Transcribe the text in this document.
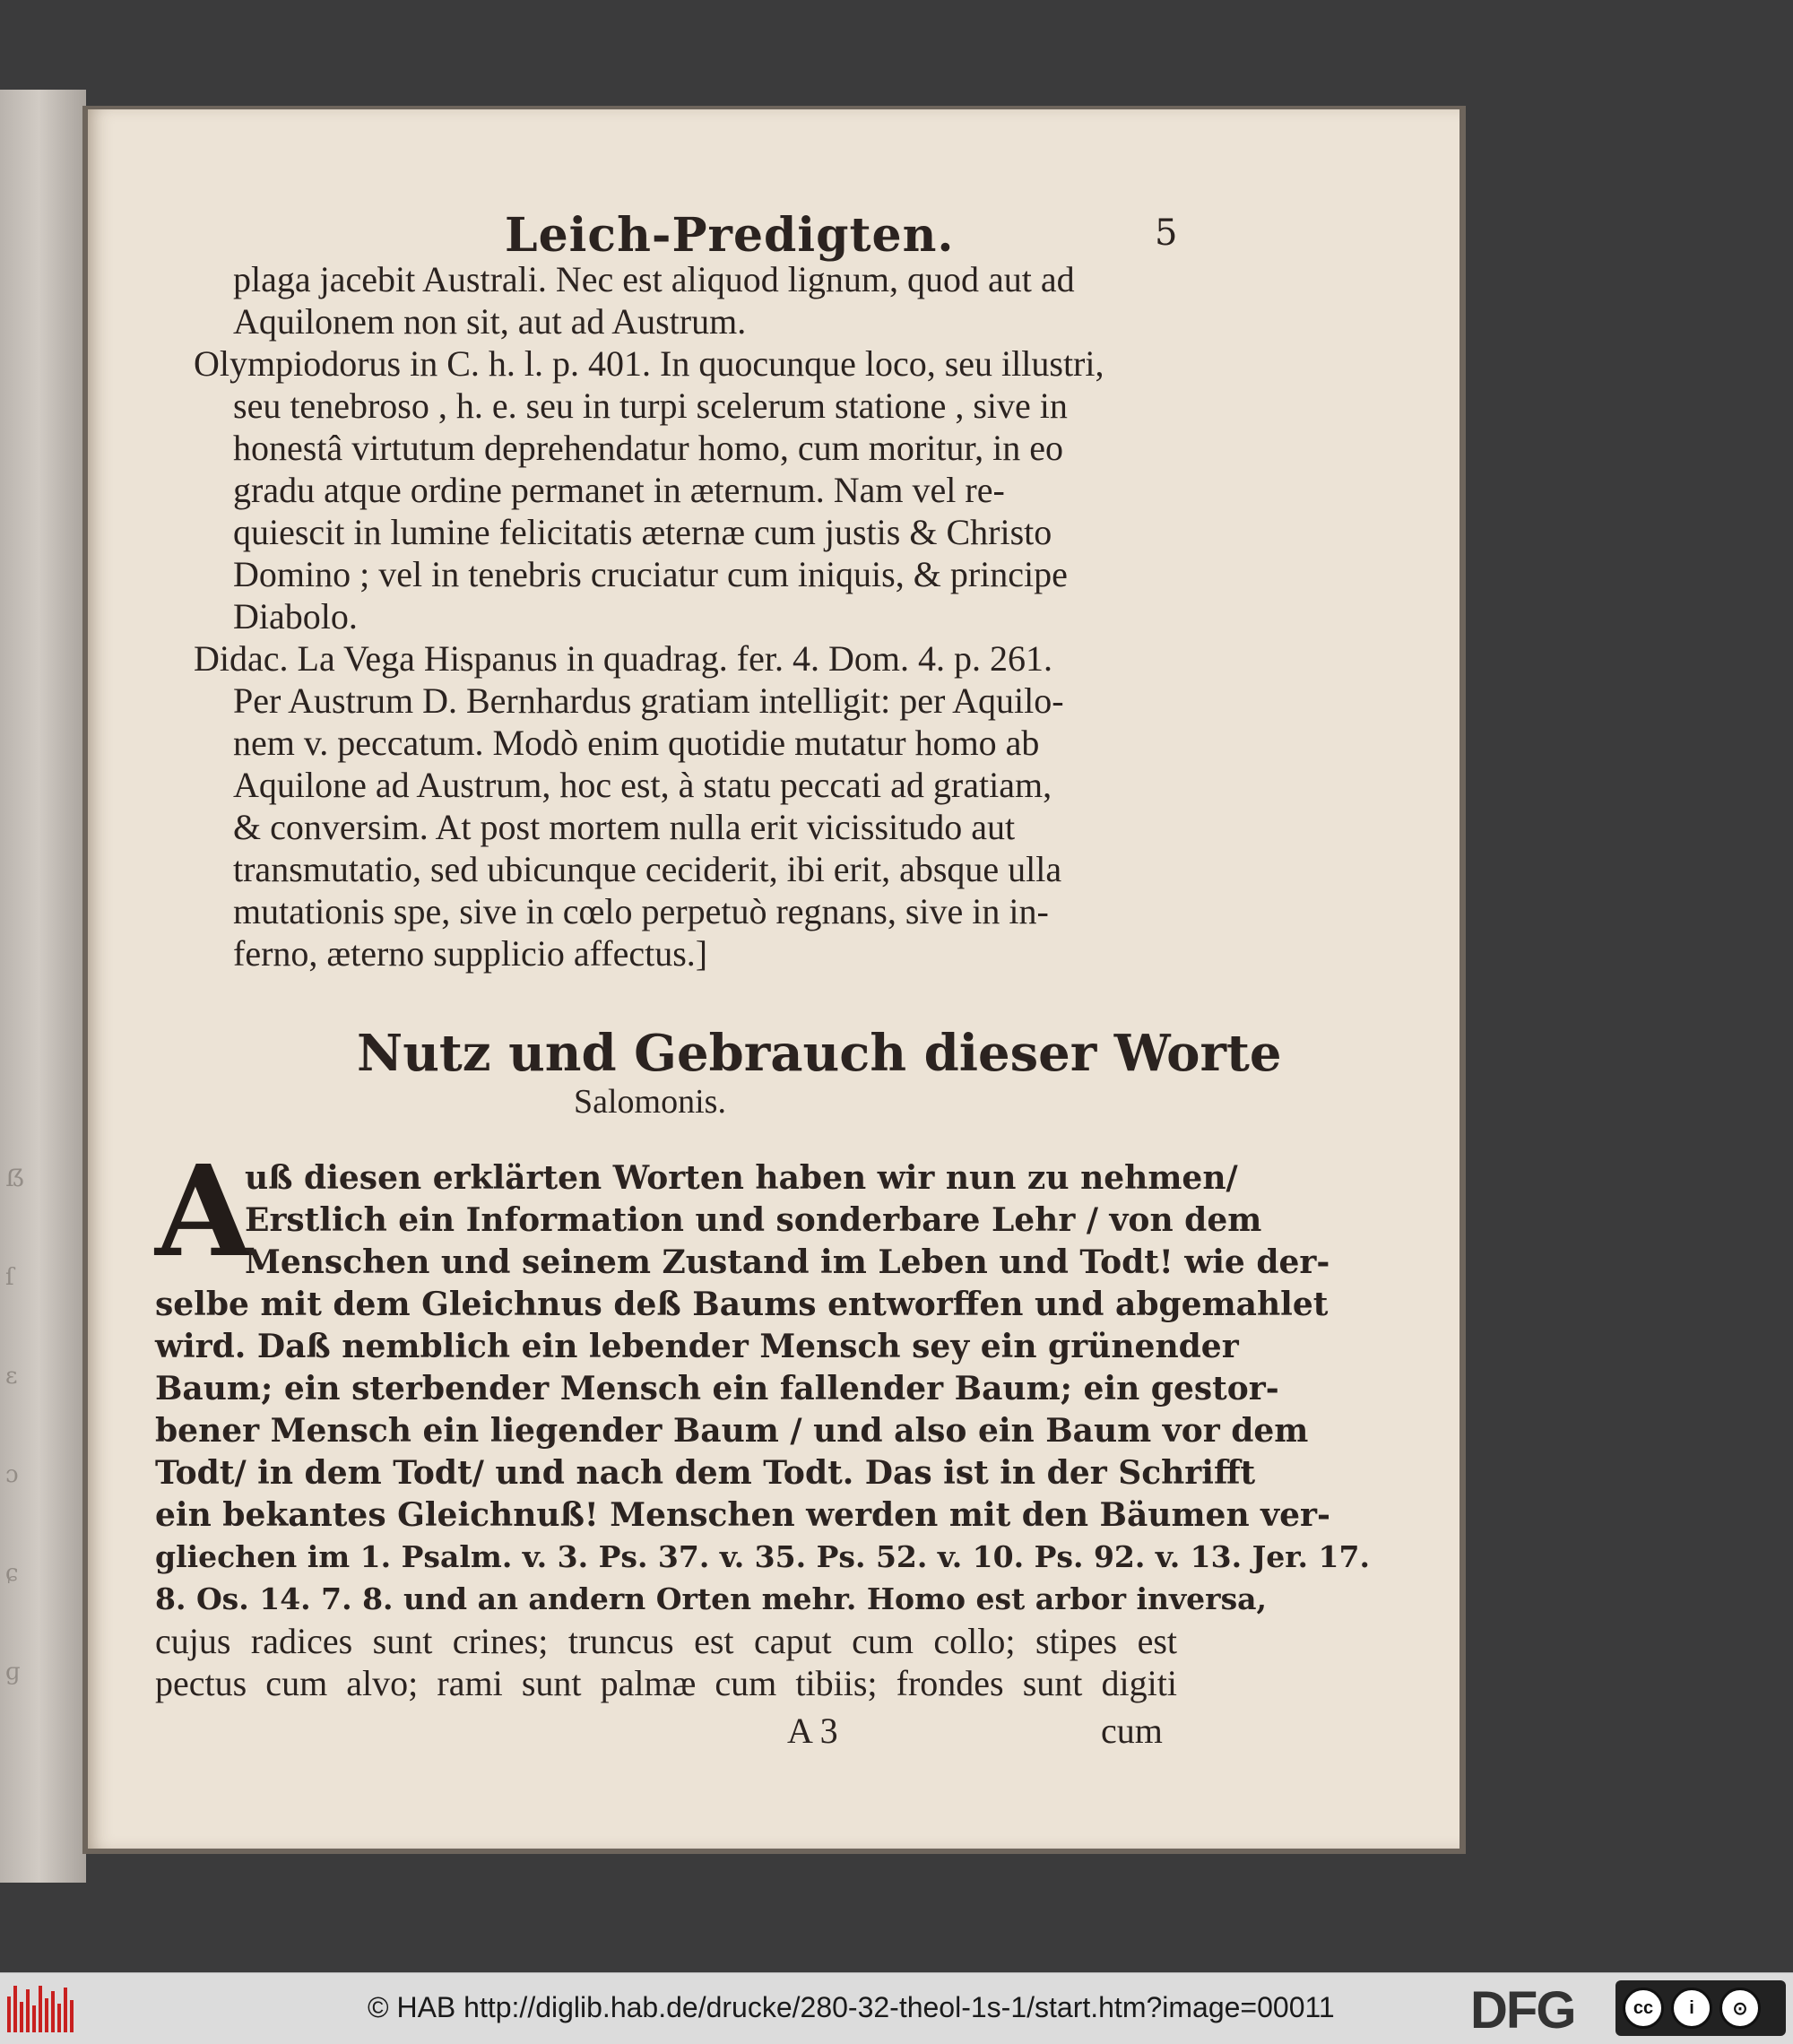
ẞ
ſ
ɛ
ɔ
ɕ
ɡ
Leich-Predigten.	5
plaga jacebit Australi. Nec est aliquod lignum, quod aut ad
Aquilonem non sit, aut ad Austrum.
Olympiodorus in C. h. l. p. 401. In quocunque loco, seu illustri,
seu tenebroso , h. e. seu in turpi scelerum statione , sive in
honestâ virtutum deprehendatur homo, cum moritur, in eo
gradu atque ordine permanet in æternum. Nam vel re-
quiescit in lumine felicitatis æternæ cum justis & Christo
Domino ; vel in tenebris cruciatur cum iniquis, & principe
Diabolo.
Didac. La Vega Hispanus in quadrag. fer. 4. Dom. 4. p. 261.
Per Austrum D. Bernhardus gratiam intelligit: per Aquilo-
nem v. peccatum. Modò enim quotidie mutatur homo ab
Aquilone ad Austrum, hoc est, à statu peccati ad gratiam,
& conversim. At post mortem nulla erit vicissitudo aut
transmutatio, sed ubicunque ceciderit, ibi erit, absque ulla
mutationis spe, sive in cœlo perpetuò regnans, sive in in-
ferno, æterno supplicio affectus.]
Nutz und Gebrauch dieser Worte
Salomonis.
A
uß diesen erklärten Worten haben wir nun zu nehmen/
Erstlich ein Information und sonderbare Lehr / von dem
Menschen und seinem Zustand im Leben und Todt! wie der-
selbe mit dem Gleichnus deß Baums entworffen und abgemahlet
wird. Daß nemblich ein lebender Mensch sey ein grünender
Baum; ein sterbender Mensch ein fallender Baum; ein gestor-
bener Mensch ein liegender Baum / und also ein Baum vor dem
Todt/ in dem Todt/ und nach dem Todt. Das ist in der Schrifft
ein bekantes Gleichnuß! Menschen werden mit den Bäumen ver-
gliechen im 1. Psalm. v. 3. Ps. 37. v. 35. Ps. 52. v. 10. Ps. 92. v. 13. Jer. 17.
8. Os. 14. 7. 8. und an andern Orten mehr. Homo est arbor inversa,
cujus radices sunt crines; truncus est caput cum collo; stipes est
pectus cum alvo; rami sunt palmæ cum tibiis; frondes sunt digiti
A 3	cum
© HAB http://diglib.hab.de/drucke/280-32-theol-1s-1/start.htm?image=00011	DFG	cc	i	⊙
